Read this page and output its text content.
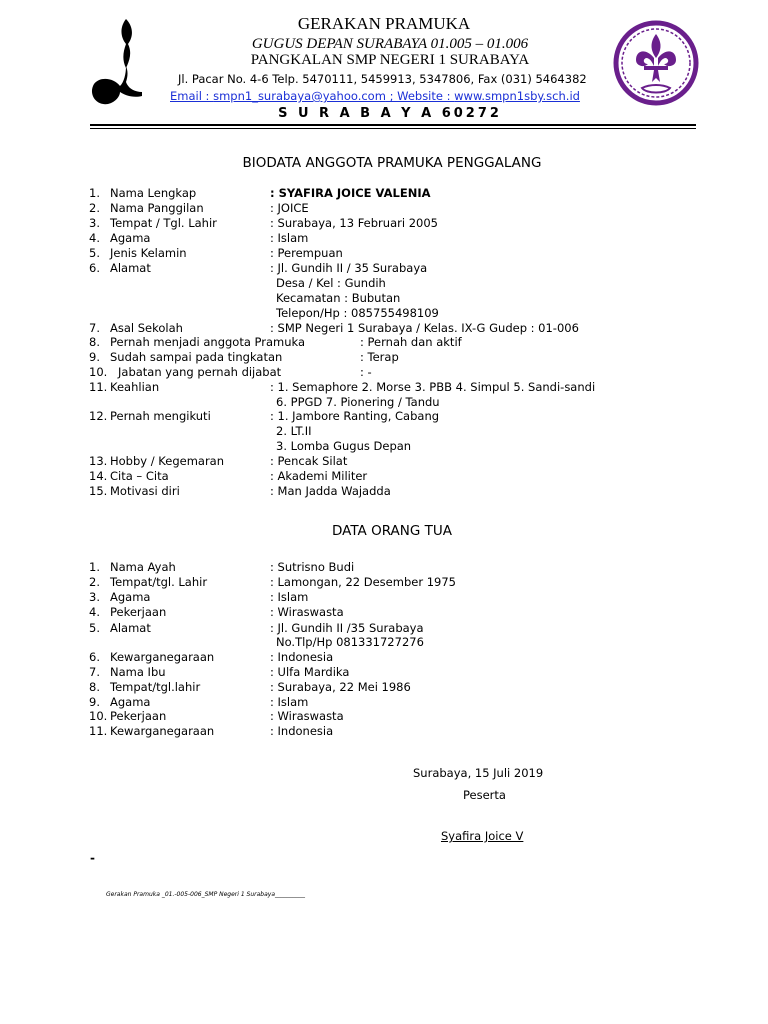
GERAKAN PRAMUKA
GUGUS DEPAN SURABAYA 01.005 – 01.006
PANGKALAN SMP NEGERI 1 SURABAYA
Jl. Pacar No. 4-6 Telp. 5470111, 5459913, 5347806, Fax (031) 5464382
Email : smpn1_surabaya@yahoo.com ; Website : www.smpn1sby.sch.id
S U R A B A Y A 60272
BIODATA ANGGOTA PRAMUKA PENGGALANG
1. Nama Lengkap	: SYAFIRA JOICE VALENIA
2. Nama Panggilan	: JOICE
3. Tempat / Tgl. Lahir	: Surabaya, 13 Februari 2005
4. Agama	: Islam
5. Jenis Kelamin	: Perempuan
6. Alamat	: Jl. Gundih II / 35 Surabaya
Desa / Kel : Gundih
Kecamatan : Bubutan
Telepon/Hp : 085755498109
7. Asal Sekolah	: SMP Negeri 1 Surabaya / Kelas. IX-G Gudep : 01-006
8. Pernah menjadi anggota Pramuka	: Pernah dan aktif
9. Sudah sampai pada tingkatan	: Terap
10. Jabatan yang pernah dijabat	: -
11. Keahlian	: 1. Semaphore 2. Morse 3. PBB 4. Simpul 5. Sandi-sandi
6. PPGD 7. Pionering / Tandu
12. Pernah mengikuti	: 1. Jambore Ranting, Cabang
2. LT.II
3. Lomba Gugus Depan
13. Hobby / Kegemaran	: Pencak Silat
14. Cita – Cita	: Akademi Militer
15. Motivasi diri	: Man Jadda Wajadda
DATA ORANG TUA
1. Nama Ayah	: Sutrisno Budi
2. Tempat/tgl. Lahir	: Lamongan, 22 Desember 1975
3. Agama	: Islam
4. Pekerjaan	: Wiraswasta
5. Alamat	: Jl. Gundih II /35 Surabaya
No.Tlp/Hp 081331727276
6. Kewarganegaraan	: Indonesia
7. Nama Ibu	: Ulfa Mardika
8. Tempat/tgl.lahir	: Surabaya, 22 Mei 1986
9. Agama	: Islam
10. Pekerjaan	: Wiraswasta
11. Kewarganegaraan	: Indonesia
Surabaya, 15 Juli 2019
Peserta
Syafira Joice V
-
Gerakan Pramuka _01.-005-006_SMP Negeri 1 Surabaya__________
